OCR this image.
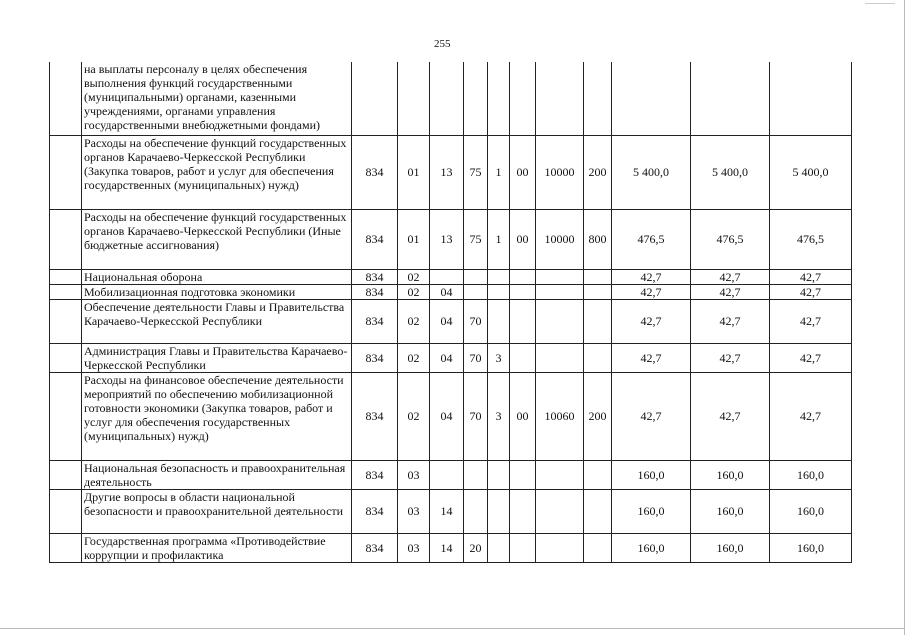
255
	на выплаты персоналу в целях обеспечения выполнения функций государственными (муниципальными) органами, казенными учреждениями, органами управления государственными внебюджетными фондами)											
	Расходы на обеспечение функций государственных органов Карачаево-Черкесской Республики (Закупка товаров, работ и услуг для обеспечения государственных (муниципальных) нужд)	834	01	13	75	1	00	10000	200	5 400,0	5 400,0	5 400,0
	Расходы на обеспечение функций государственных органов Карачаево-Черкесской Республики (Иные бюджетные ассигнования)	834	01	13	75	1	00	10000	800	476,5	476,5	476,5
	Национальная оборона	834	02							42,7	42,7	42,7
	Мобилизационная подготовка экономики	834	02	04						42,7	42,7	42,7
	Обеспечение деятельности Главы и Правительства Карачаево-Черкесской Республики	834	02	04	70					42,7	42,7	42,7
	Администрация Главы и Правительства Карачаево-Черкесской Республики	834	02	04	70	3				42,7	42,7	42,7
	Расходы на финансовое обеспечение деятельности мероприятий по обеспечению мобилизационной готовности экономики (Закупка товаров, работ и услуг для обеспечения государственных (муниципальных) нужд)	834	02	04	70	3	00	10060	200	42,7	42,7	42,7
	Национальная безопасность и правоохранительная деятельность	834	03							160,0	160,0	160,0
	Другие вопросы в области национальной безопасности и правоохранительной деятельности	834	03	14						160,0	160,0	160,0
	Государственная программа «Противодействие коррупции и профилактика	834	03	14	20					160,0	160,0	160,0
